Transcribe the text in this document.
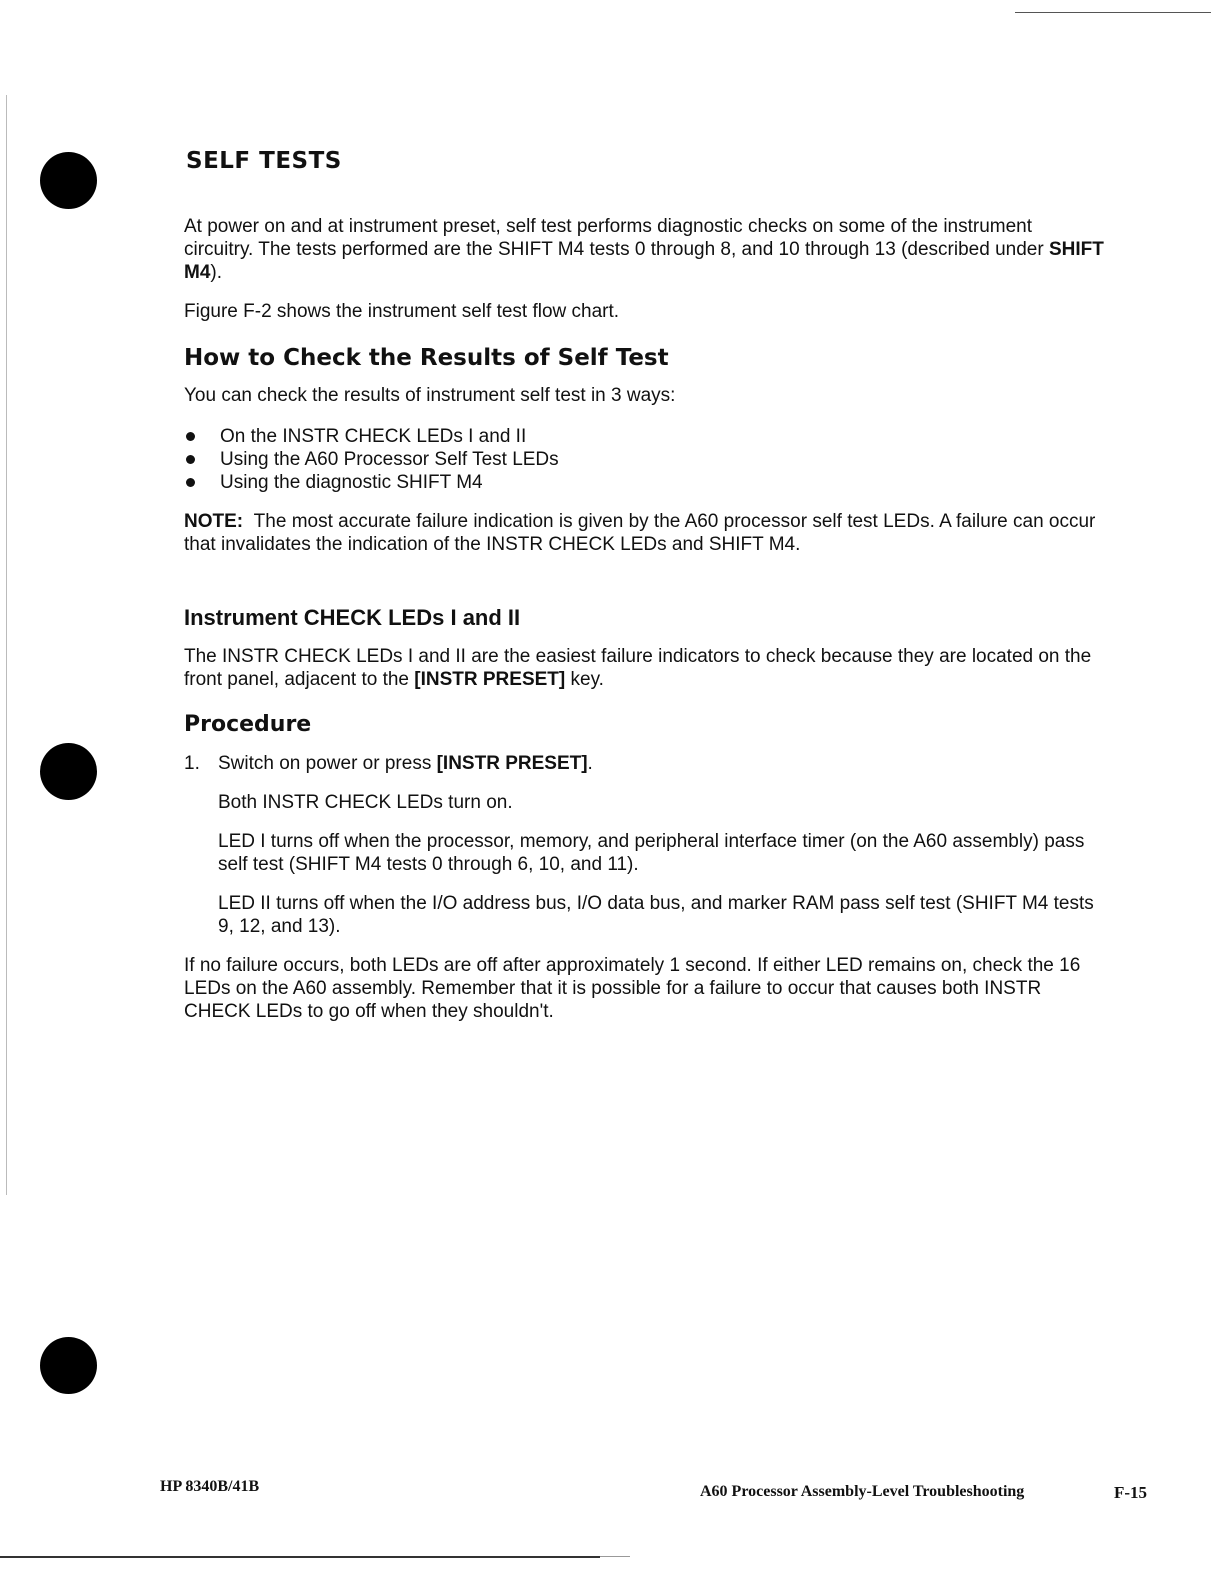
SELF TESTS

At power on and at instrument preset, self test performs diagnostic checks on some of the instrument circuitry. The tests performed are the SHIFT M4 tests 0 through 8, and 10 through 13 (described under SHIFT M4).

Figure F-2 shows the instrument self test flow chart.

How to Check the Results of Self Test

You can check the results of instrument self test in 3 ways:

On the INSTR CHECK LEDs I and II
Using the A60 Processor Self Test LEDs
Using the diagnostic SHIFT M4

NOTE: The most accurate failure indication is given by the A60 processor self test LEDs. A failure can occur that invalidates the indication of the INSTR CHECK LEDs and SHIFT M4.

Instrument CHECK LEDs I and II

The INSTR CHECK LEDs I and II are the easiest failure indicators to check because they are located on the front panel, adjacent to the [INSTR PRESET] key.

Procedure
1. Switch on power or press [INSTR PRESET].

Both INSTR CHECK LEDs turn on.

LED I turns off when the processor, memory, and peripheral interface timer (on the A60 assembly) pass self test (SHIFT M4 tests 0 through 6, 10, and 11).

LED II turns off when the I/O address bus, I/O data bus, and marker RAM pass self test (SHIFT M4 tests 9, 12, and 13).

If no failure occurs, both LEDs are off after approximately 1 second. If either LED remains on, check the 16 LEDs on the A60 assembly. Remember that it is possible for a failure to occur that causes both INSTR CHECK LEDs to go off when they shouldn't.

HP 8340B/41B	A60 Processor Assembly-Level Troubleshooting	F-15
